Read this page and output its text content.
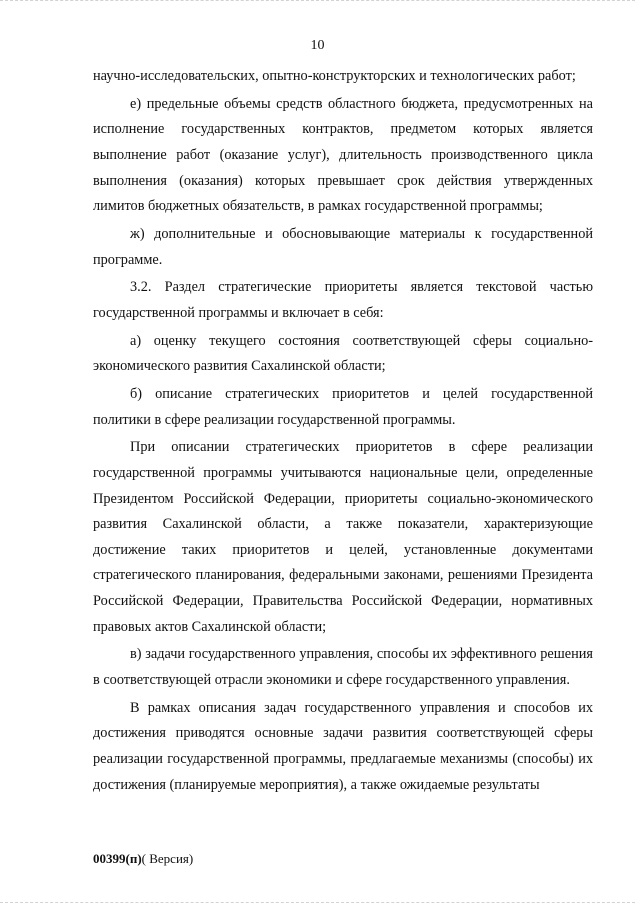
10

научно-исследовательских, опытно-конструкторских и технологических работ;

е) предельные объемы средств областного бюджета, предусмотренных на исполнение государственных контрактов, предметом которых является выполнение работ (оказание услуг), длительность производственного цикла выполнения (оказания) которых превышает срок действия утвержденных лимитов бюджетных обязательств, в рамках государственной программы;

ж) дополнительные и обосновывающие материалы к государственной программе.

3.2. Раздел стратегические приоритеты является текстовой частью государственной программы и включает в себя:

а) оценку текущего состояния соответствующей сферы социально-экономического развития Сахалинской области;

б) описание стратегических приоритетов и целей государственной политики в сфере реализации государственной программы.

При описании стратегических приоритетов в сфере реализации государственной программы учитываются национальные цели, определенные Президентом Российской Федерации, приоритеты социально-экономического развития Сахалинской области, а также показатели, характеризующие достижение таких приоритетов и целей, установленные документами стратегического планирования, федеральными законами, решениями Президента Российской Федерации, Правительства Российской Федерации, нормативных правовых актов Сахалинской области;

в) задачи государственного управления, способы их эффективного решения в соответствующей отрасли экономики и сфере государственного управления.

В рамках описания задач государственного управления и способов их достижения приводятся основные задачи развития соответствующей сферы реализации государственной программы, предлагаемые механизмы (способы) их достижения (планируемые мероприятия), а также ожидаемые результаты

00399(п)( Версия)
